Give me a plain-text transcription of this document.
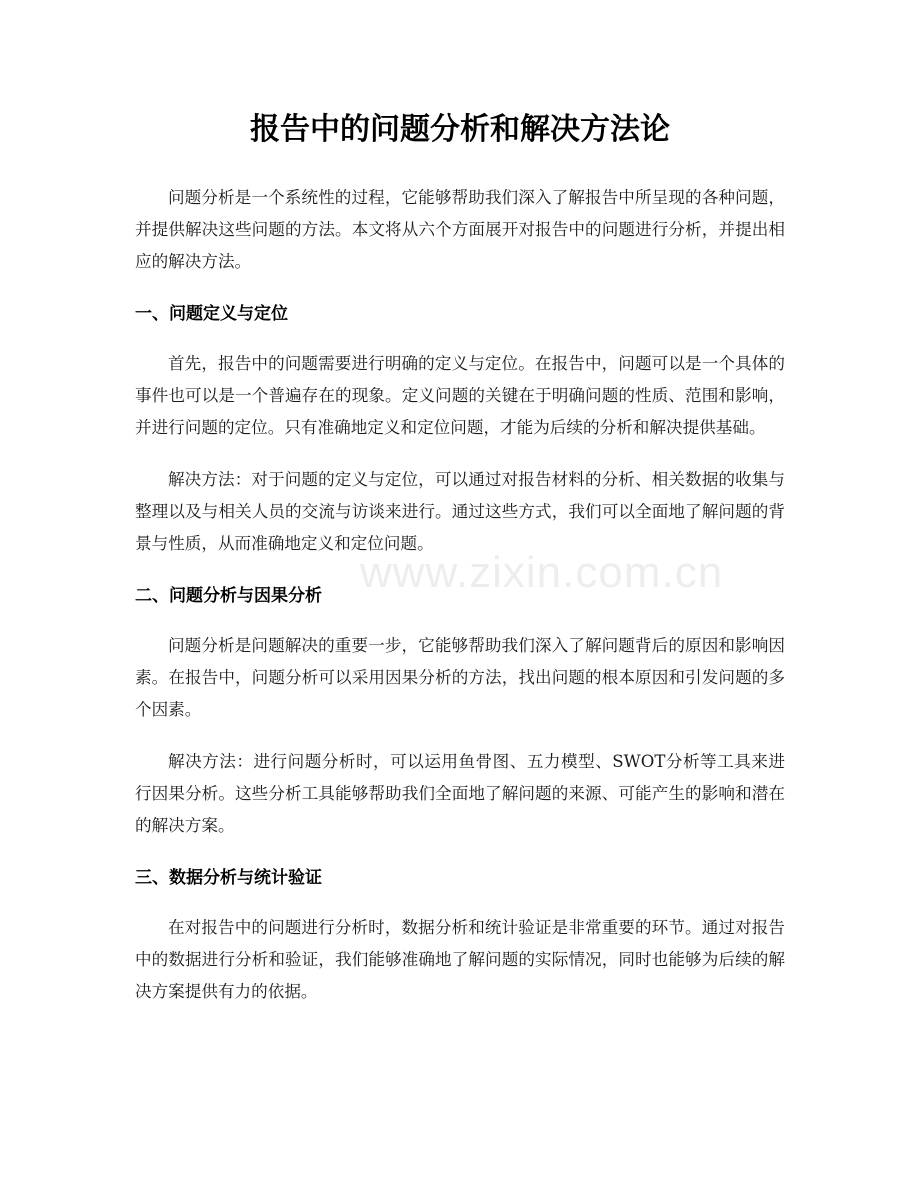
报告中的问题分析和解决方法论

问题分析是一个系统性的过程，它能够帮助我们深入了解报告中所呈现的各种问题，并提供解决这些问题的方法。本文将从六个方面展开对报告中的问题进行分析，并提出相应的解决方法。

一、问题定义与定位

首先，报告中的问题需要进行明确的定义与定位。在报告中，问题可以是一个具体的事件也可以是一个普遍存在的现象。定义问题的关键在于明确问题的性质、范围和影响，并进行问题的定位。只有准确地定义和定位问题，才能为后续的分析和解决提供基础。

解决方法：对于问题的定义与定位，可以通过对报告材料的分析、相关数据的收集与整理以及与相关人员的交流与访谈来进行。通过这些方式，我们可以全面地了解问题的背景与性质，从而准确地定义和定位问题。

二、问题分析与因果分析

问题分析是问题解决的重要一步，它能够帮助我们深入了解问题背后的原因和影响因素。在报告中，问题分析可以采用因果分析的方法，找出问题的根本原因和引发问题的多个因素。

解决方法：进行问题分析时，可以运用鱼骨图、五力模型、SWOT分析等工具来进行因果分析。这些分析工具能够帮助我们全面地了解问题的来源、可能产生的影响和潜在的解决方案。

三、数据分析与统计验证

在对报告中的问题进行分析时，数据分析和统计验证是非常重要的环节。通过对报告中的数据进行分析和验证，我们能够准确地了解问题的实际情况，同时也能够为后续的解决方案提供有力的依据。

www.zixin.com.cn
